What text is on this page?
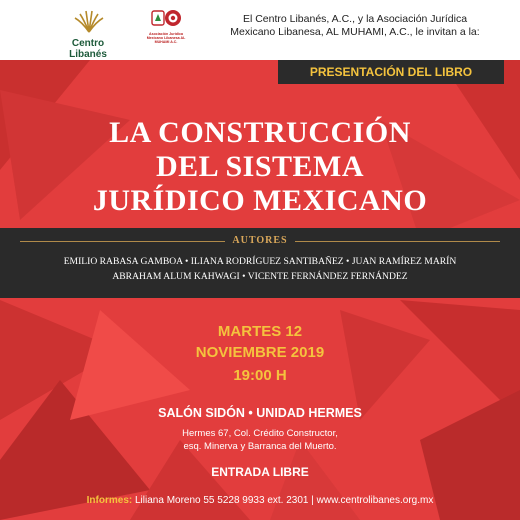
Centro Libanés
Asociación Jurídica Mexicano Libanesa AL MUHAMI A.C.
El Centro Libanés, A.C., y la Asociación Jurídica
Mexicano Libanesa, AL MUHAMI, A.C., le invitan a la:
PRESENTACIÓN DEL LIBRO
LA CONSTRUCCIÓN
DEL SISTEMA
JURÍDICO MEXICANO
AUTORES
EMILIO RABASA GAMBOA • ILIANA RODRÍGUEZ SANTIBAÑEZ • JUAN RAMÍREZ MARÍN
ABRAHAM ALUM KAHWAGI • VICENTE FERNÁNDEZ FERNÁNDEZ
MARTES 12
NOVIEMBRE 2019
19:00 H
SALÓN SIDÓN • UNIDAD HERMES
Hermes 67, Col. Crédito Constructor,
esq. Minerva y Barranca del Muerto.
ENTRADA LIBRE
Informes: Liliana Moreno 55 5228 9933 ext. 2301 | www.centrolibanes.org.mx
